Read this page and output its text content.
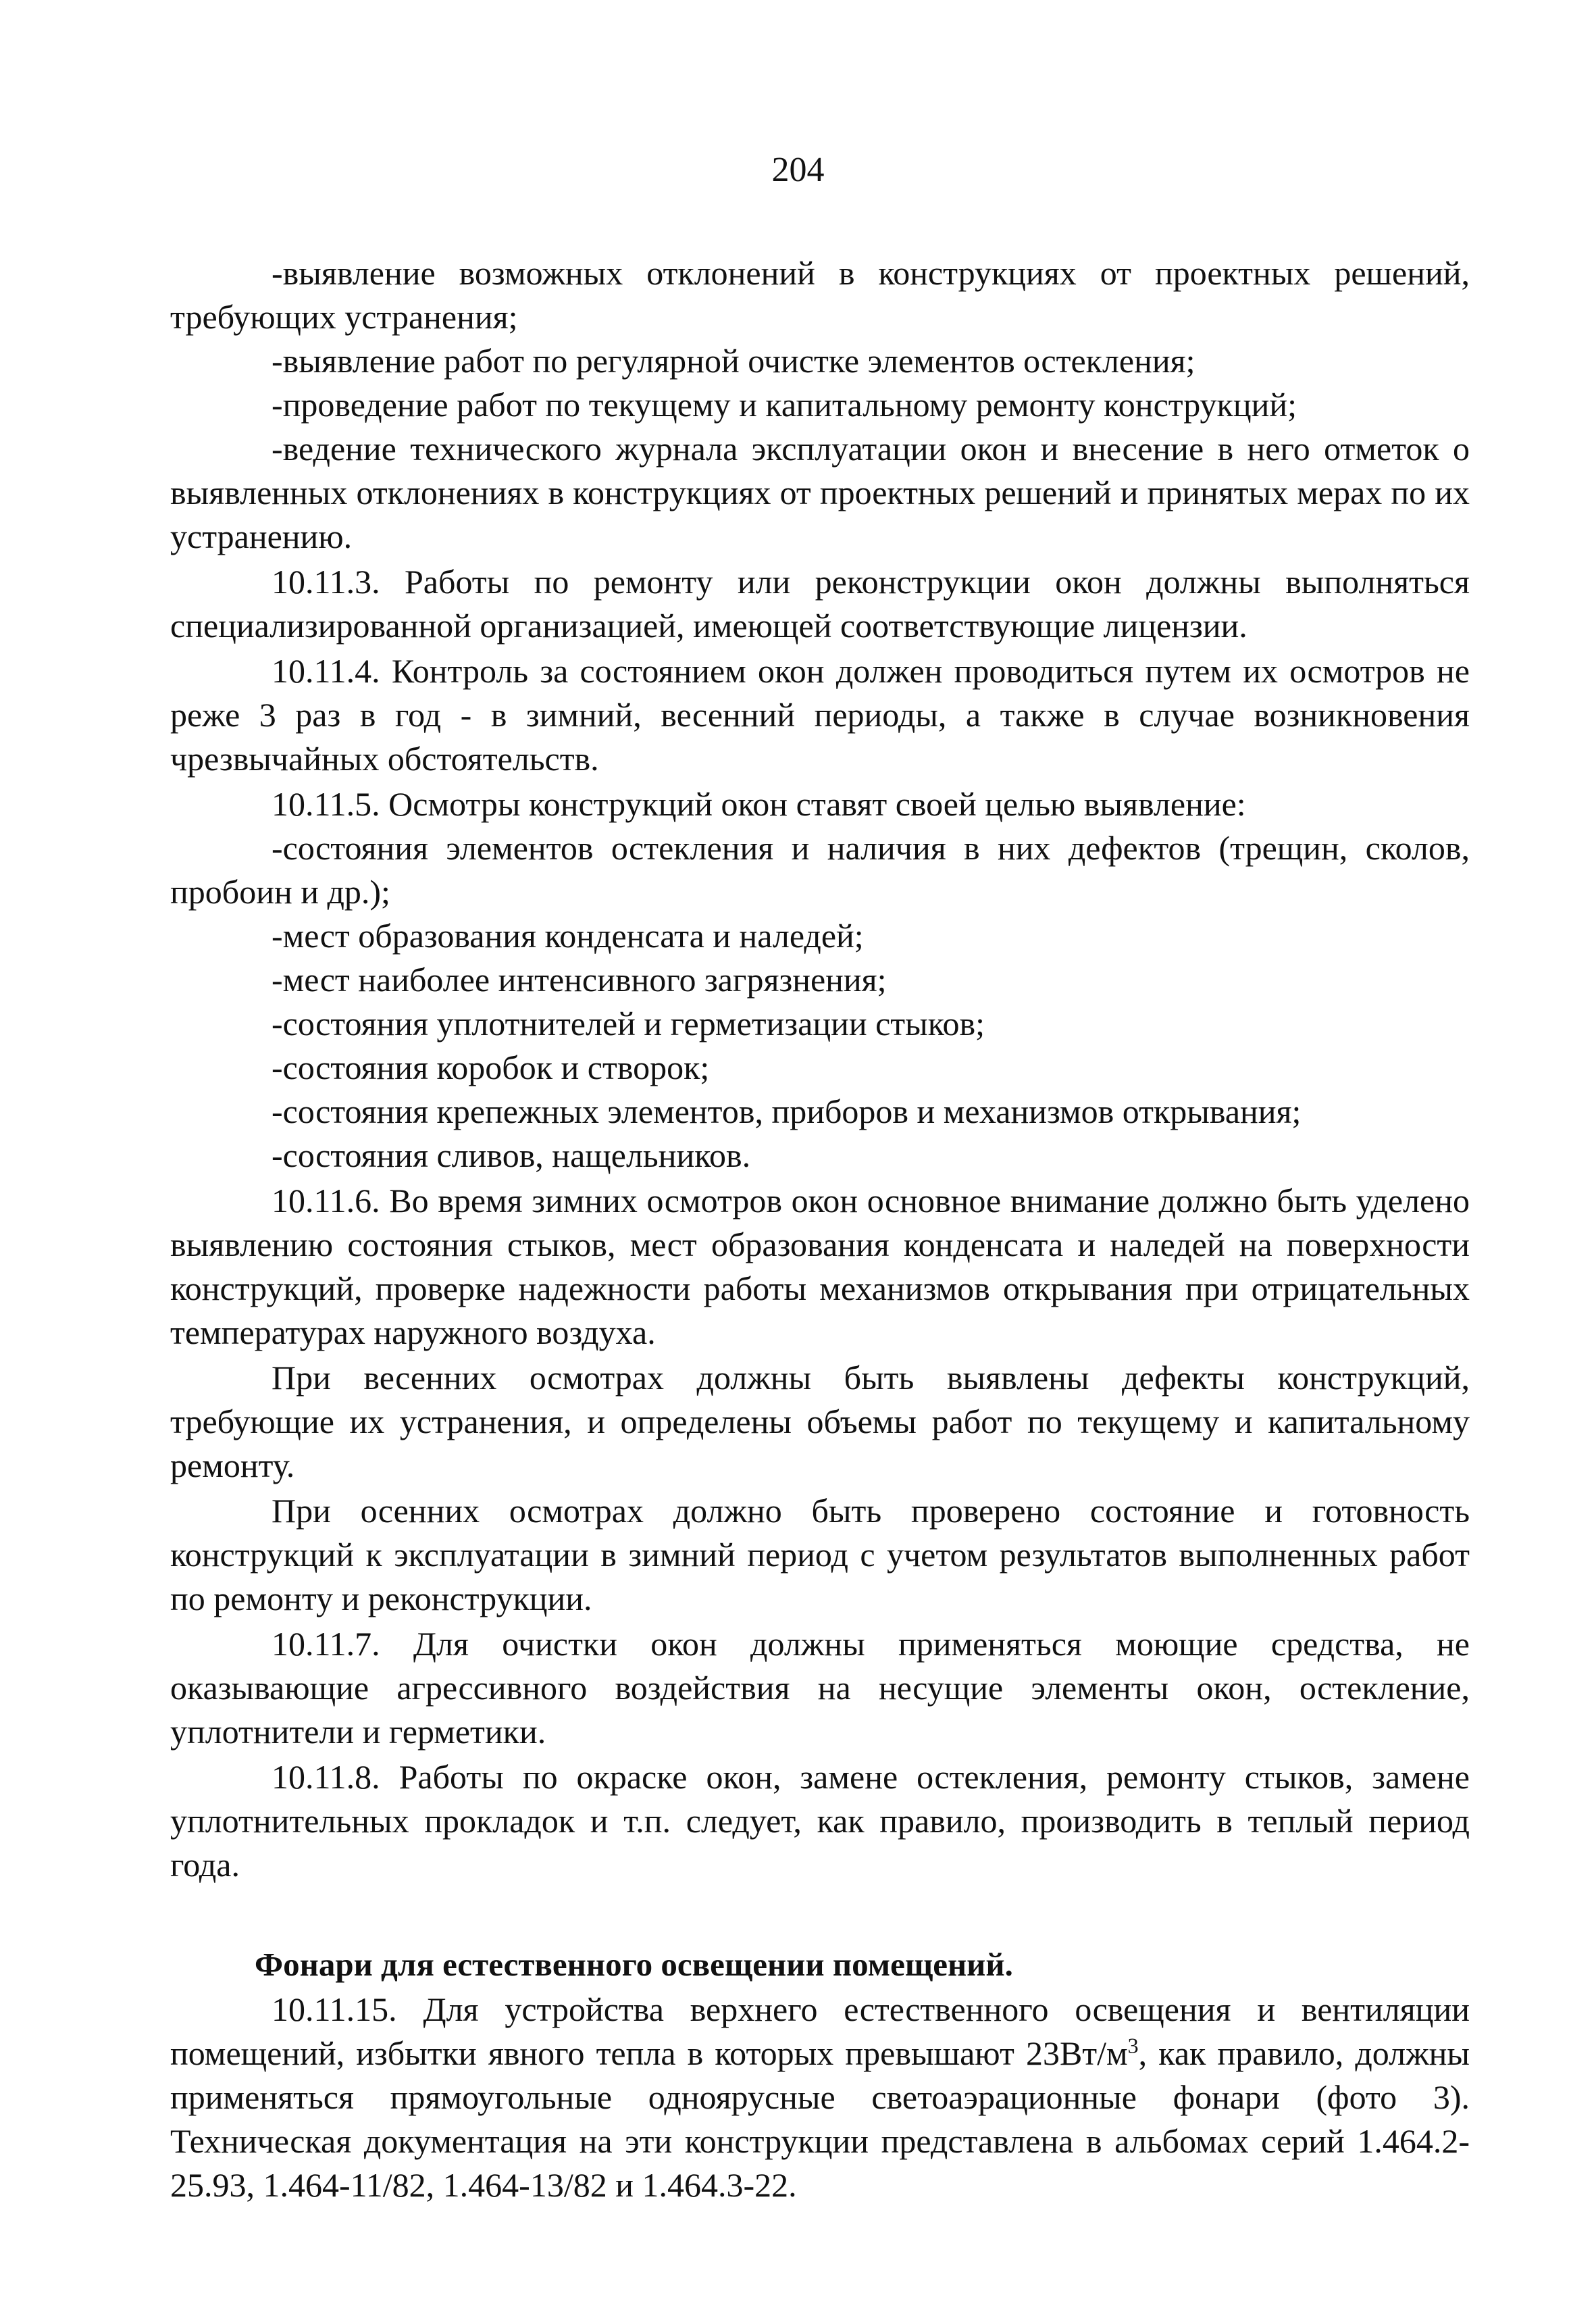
204

-выявление возможных отклонений в конструкциях от проектных решений, требующих устранения;

-выявление работ по регулярной очистке элементов остекления;

-проведение работ по текущему и капитальному ремонту конструкций;

-ведение технического журнала эксплуатации окон и внесение в него отметок о выявленных отклонениях в конструкциях от проектных решений и принятых мерах по их устранению.

10.11.3. Работы по ремонту или реконструкции окон должны выполняться специализированной организацией, имеющей соответствующие лицензии.

10.11.4. Контроль за состоянием окон должен проводиться путем их осмотров не реже 3 раз в год - в зимний, весенний периоды, а также в случае возникновения чрезвычайных обстоятельств.

10.11.5. Осмотры конструкций окон ставят своей целью выявление:

-состояния элементов остекления и наличия в них дефектов (трещин, сколов, пробоин и др.);

-мест образования конденсата и наледей;

-мест наиболее интенсивного загрязнения;

-состояния уплотнителей и герметизации стыков;

-состояния коробок и створок;

-состояния крепежных элементов, приборов и механизмов открывания;

-состояния сливов, нащельников.

10.11.6. Во время зимних осмотров окон основное внимание должно быть уделено выявлению состояния стыков, мест образования конденсата и наледей на поверхности конструкций, проверке надежности работы механизмов открывания при отрицательных температурах наружного воздуха.

При весенних осмотрах должны быть выявлены дефекты конструкций, требующие их устранения, и определены объемы работ по текущему и капитальному ремонту.

При осенних осмотрах должно быть проверено состояние и готовность конструкций к эксплуатации в зимний период с учетом результатов выполненных работ по ремонту и реконструкции.

10.11.7. Для очистки окон должны применяться моющие средства, не оказывающие агрессивного воздействия на несущие элементы окон, остекление, уплотнители и герметики.

10.11.8. Работы по окраске окон, замене остекления, ремонту стыков, замене уплотнительных прокладок и т.п. следует, как правило, производить в теплый период года.

Фонари для естественного освещении помещений.

10.11.15. Для устройства верхнего естественного освещения и вентиляции помещений, избытки явного тепла в которых превышают $23Вт/м^3$, как правило, должны применяться прямоугольные одноярусные светоаэрационные фонари (фото 3). Техническая документация на эти конструкции представлена в альбомах серий 1.464.2-25.93, 1.464-11/82, 1.464-13/82 и 1.464.3-22.
